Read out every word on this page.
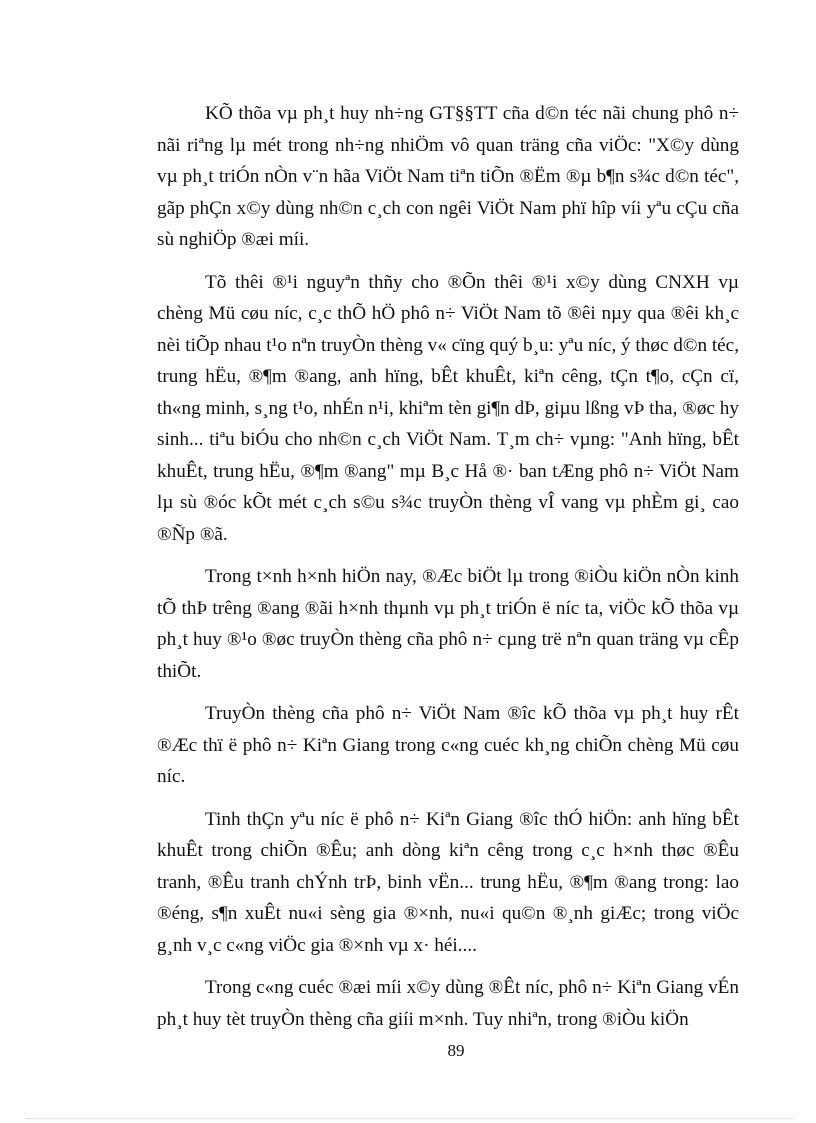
KÕ thõa vµ ph¸t huy nh÷ng GT§§TT cña d©n téc nãi chung phô n÷ nãi riªng lµ mét trong nh÷ng nhiÖm vô quan träng cña viÖc: "X©y dùng vµ ph¸t triÓn nÒn v¨n hãa ViÖt Nam tiªn tiÕn ®Ëm ®µ b¶n s¾c d©n téc", gãp phÇn x©y dùng nh©n c¸ch con ngêi ViÖt Nam phï hîp víi yªu cÇu cña sù nghiÖp ®æi míi.

Tõ thêi ®¹i nguyªn thñy cho ®Õn thêi ®¹i x©y dùng CNXH vµ chèng Mü cøu níc, c¸c thÕ hÖ phô n÷ ViÖt Nam tõ ®êi nµy qua ®êi kh¸c nèi tiÕp nhau t¹o nªn truyÒn thèng v« cïng quý b¸u: yªu níc, ý thøc d©n téc, trung hËu, ®¶m ®ang, anh hïng, bÊt khuÊt, kiªn cêng, tÇn t¶o, cÇn cï, th«ng minh, s¸ng t¹o, nhÉn n¹i, khiªm tèn gi¶n dÞ, giµu lßng vÞ tha, ®øc hy sinh... tiªu biÓu cho nh©n c¸ch ViÖt Nam. T¸m ch÷ vµng: "Anh hïng, bÊt khuÊt, trung hËu, ®¶m ®ang" mµ B¸c Hå ®· ban tÆng phô n÷ ViÖt Nam lµ sù ®óc kÕt mét c¸ch s©u s¾c truyÒn thèng vÎ vang vµ phÈm gi¸ cao ®Ñp ®ã.

Trong t×nh h×nh hiÖn nay, ®Æc biÖt lµ trong ®iÒu kiÖn nÒn kinh tÕ thÞ trêng ®ang ®ãi h×nh thµnh vµ ph¸t triÓn ë níc ta, viÖc kÕ thõa vµ ph¸t huy ®¹o ®øc truyÒn thèng cña phô n÷ cµng trë nªn quan träng vµ cÊp thiÕt.

TruyÒn thèng cña phô n÷ ViÖt Nam ®îc kÕ thõa vµ ph¸t huy rÊt ®Æc thï ë phô n÷ Kiªn Giang trong c«ng cuéc kh¸ng chiÕn chèng Mü cøu níc.

Tinh thÇn yªu níc ë phô n÷ Kiªn Giang ®îc thÓ hiÖn: anh hïng bÊt khuÊt trong chiÕn ®Êu; anh dòng kiªn cêng trong c¸c h×nh thøc ®Êu tranh, ®Êu tranh chÝnh trÞ, binh vËn... trung hËu, ®¶m ®ang trong: lao ®éng, s¶n xuÊt nu«i sèng gia ®×nh, nu«i qu©n ®¸nh giÆc; trong viÖc g¸nh v¸c c«ng viÖc gia ®×nh vµ x· héi....

Trong c«ng cuéc ®æi míi x©y dùng ®Êt níc, phô n÷ Kiªn Giang vÉn ph¸t huy tèt truyÒn thèng cña giíi m×nh. Tuy nhiªn, trong ®iÒu kiÖn

89
